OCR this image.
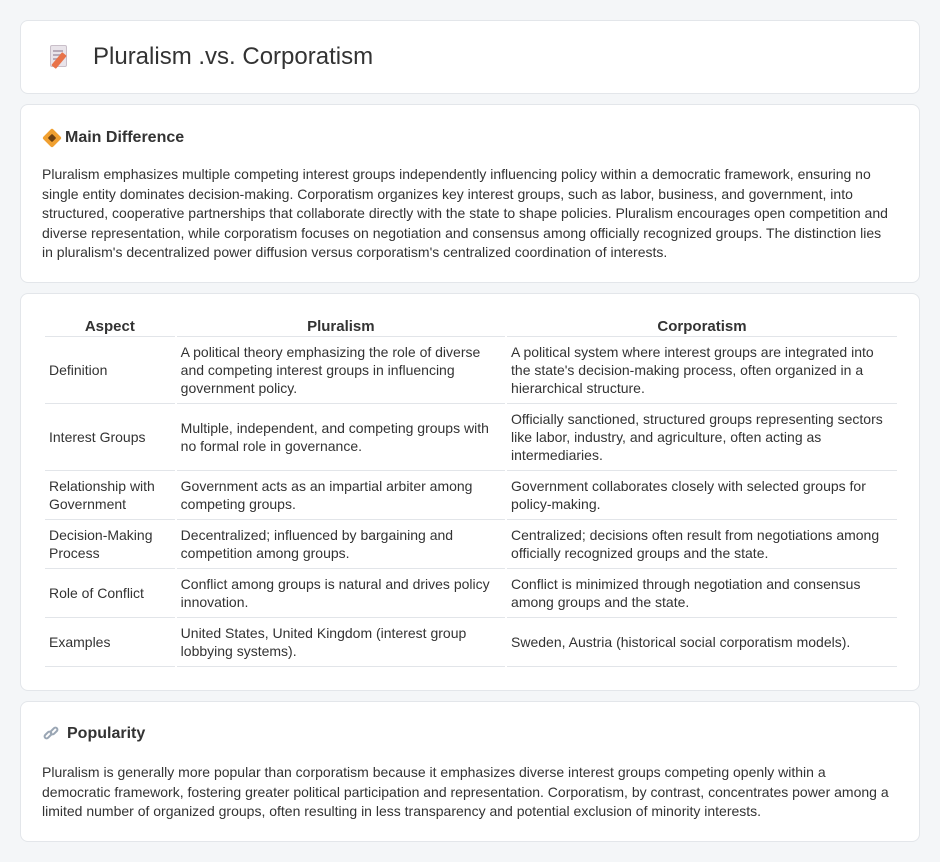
Pluralism .vs. Corporatism
Main Difference

Pluralism emphasizes multiple competing interest groups independently influencing policy within a democratic framework, ensuring no single entity dominates decision-making. Corporatism organizes key interest groups, such as labor, business, and government, into structured, cooperative partnerships that collaborate directly with the state to shape policies. Pluralism encourages open competition and diverse representation, while corporatism focuses on negotiation and consensus among officially recognized groups. The distinction lies in pluralism's decentralized power diffusion versus corporatism's centralized coordination of interests.

Aspect	Pluralism	Corporatism
Definition	A political theory emphasizing the role of diverse and competing interest groups in influencing government policy.	A political system where interest groups are integrated into the state's decision-making process, often organized in a hierarchical structure.
Interest Groups	Multiple, independent, and competing groups with no formal role in governance.	Officially sanctioned, structured groups representing sectors like labor, industry, and agriculture, often acting as intermediaries.
Relationship with Government	Government acts as an impartial arbiter among competing groups.	Government collaborates closely with selected groups for policy-making.
Decision-Making Process	Decentralized; influenced by bargaining and competition among groups.	Centralized; decisions often result from negotiations among officially recognized groups and the state.
Role of Conflict	Conflict among groups is natural and drives policy innovation.	Conflict is minimized through negotiation and consensus among groups and the state.
Examples	United States, United Kingdom (interest group lobbying systems).	Sweden, Austria (historical social corporatism models).
Popularity

Pluralism is generally more popular than corporatism because it emphasizes diverse interest groups competing openly within a democratic framework, fostering greater political participation and representation. Corporatism, by contrast, concentrates power among a limited number of organized groups, often resulting in less transparency and potential exclusion of minority interests.
